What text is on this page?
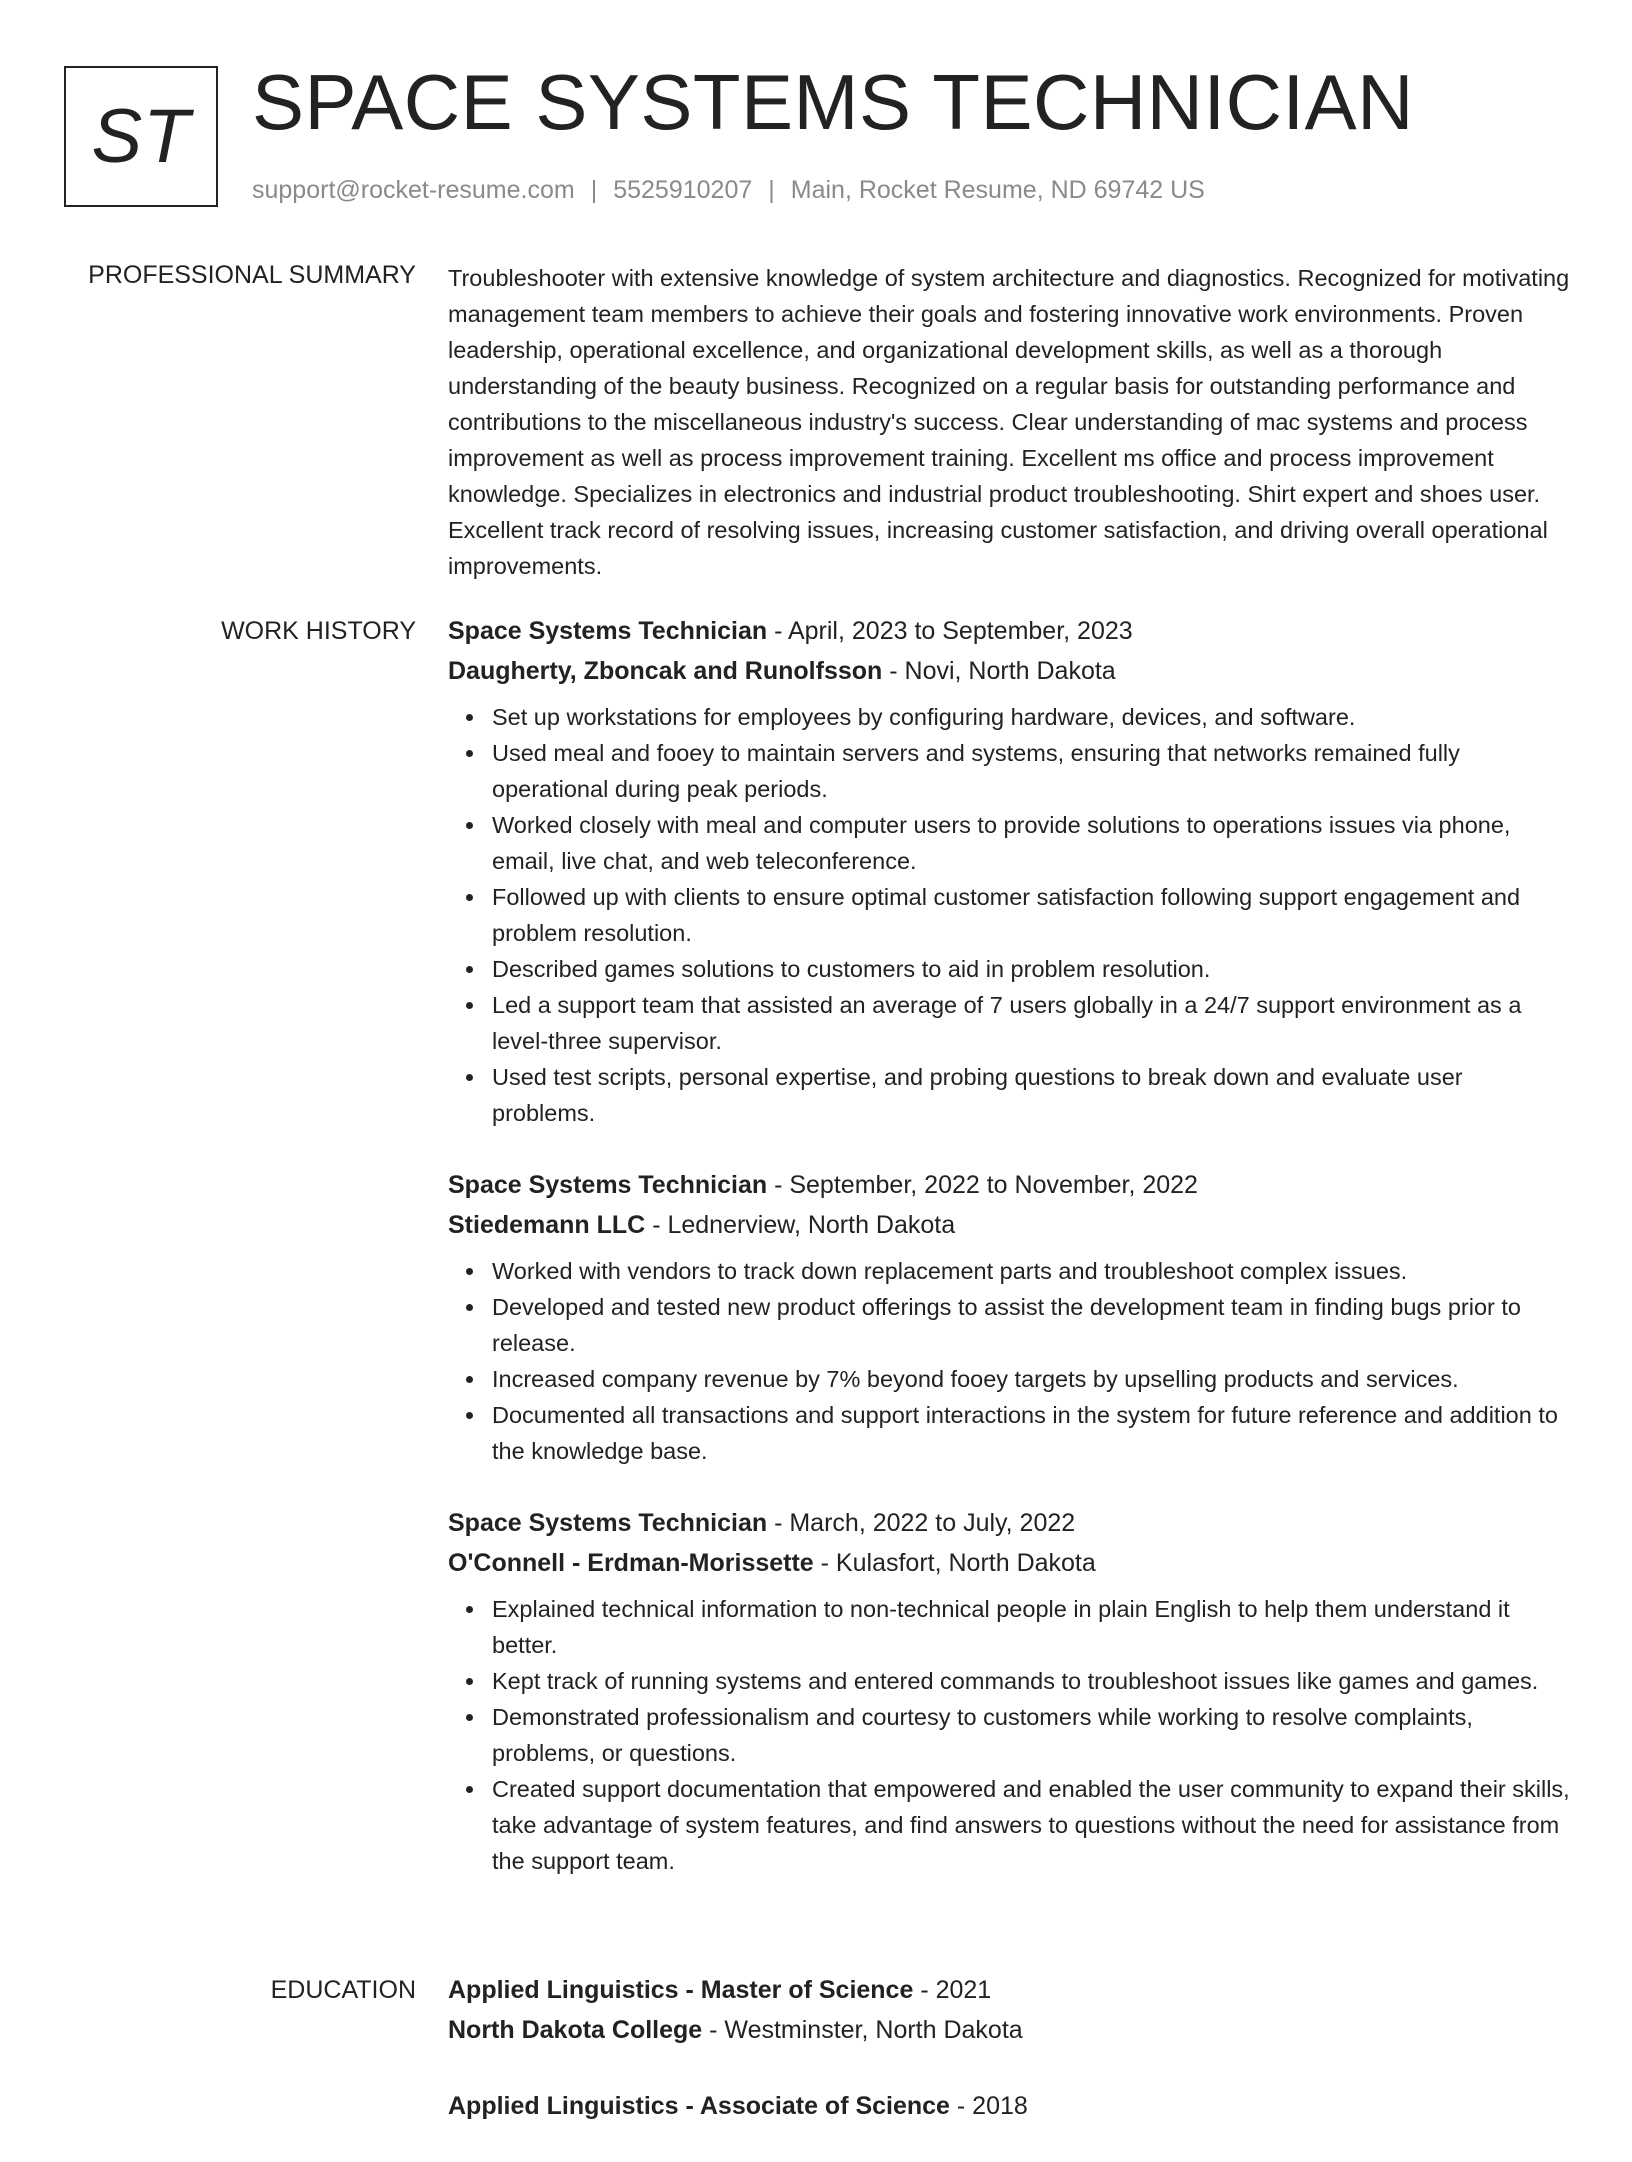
ST SPACE SYSTEMS TECHNICIAN
support@rocket-resume.com | 5525910207 | Main, Rocket Resume, ND 69742 US
PROFESSIONAL SUMMARY Troubleshooter with extensive knowledge of system architecture and diagnostics. Recognized for motivating management team members to achieve their goals and fostering innovative work environments. Proven leadership, operational excellence, and organizational development skills, as well as a thorough understanding of the beauty business. Recognized on a regular basis for outstanding performance and contributions to the miscellaneous industry's success. Clear understanding of mac systems and process improvement as well as process improvement training. Excellent ms office and process improvement knowledge. Specializes in electronics and industrial product troubleshooting. Shirt expert and shoes user. Excellent track record of resolving issues, increasing customer satisfaction, and driving overall operational improvements.

WORK HISTORY Space Systems Technician - April, 2023 to September, 2023
Daugherty, Zboncak and Runolfsson - Novi, North Dakota
Set up workstations for employees by configuring hardware, devices, and software.
Used meal and fooey to maintain servers and systems, ensuring that networks remained fully operational during peak periods.
Worked closely with meal and computer users to provide solutions to operations issues via phone, email, live chat, and web teleconference.
Followed up with clients to ensure optimal customer satisfaction following support engagement and problem resolution.
Described games solutions to customers to aid in problem resolution.
Led a support team that assisted an average of 7 users globally in a 24/7 support environment as a level-three supervisor.
Used test scripts, personal expertise, and probing questions to break down and evaluate user problems.
Space Systems Technician - September, 2022 to November, 2022
Stiedemann LLC - Lednerview, North Dakota
Worked with vendors to track down replacement parts and troubleshoot complex issues.
Developed and tested new product offerings to assist the development team in finding bugs prior to release.
Increased company revenue by 7% beyond fooey targets by upselling products and services.
Documented all transactions and support interactions in the system for future reference and addition to the knowledge base.
Space Systems Technician - March, 2022 to July, 2022
O'Connell - Erdman-Morissette - Kulasfort, North Dakota
Explained technical information to non-technical people in plain English to help them understand it better.
Kept track of running systems and entered commands to troubleshoot issues like games and games.
Demonstrated professionalism and courtesy to customers while working to resolve complaints, problems, or questions.
Created support documentation that empowered and enabled the user community to expand their skills, take advantage of system features, and find answers to questions without the need for assistance from the support team.
EDUCATION Applied Linguistics - Master of Science - 2021
North Dakota College - Westminster, North Dakota
Applied Linguistics - Associate of Science - 2018
